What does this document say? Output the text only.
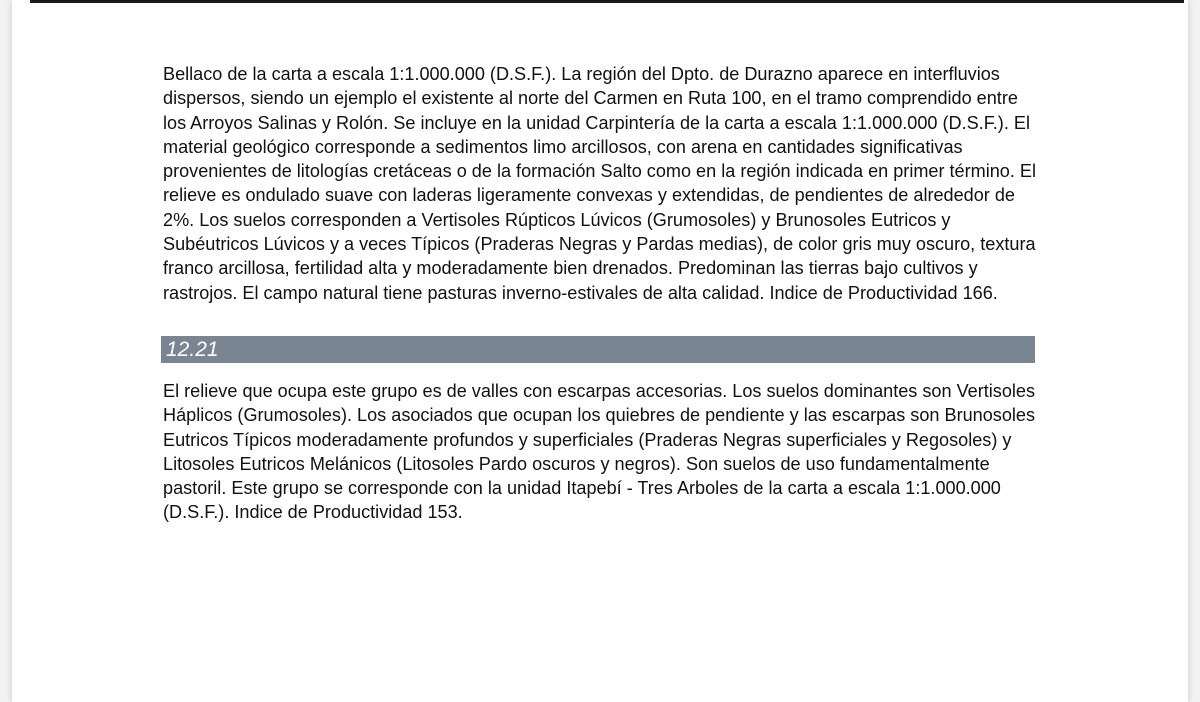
Bellaco de la carta a escala 1:1.000.000 (D.S.F.). La región del Dpto. de Durazno aparece en interfluvios dispersos, siendo un ejemplo el existente al norte del Carmen en Ruta 100, en el tramo comprendido entre los Arroyos Salinas y Rolón. Se incluye en la unidad Carpintería de la carta a escala 1:1.000.000 (D.S.F.). El material geológico corresponde a sedimentos limo arcillosos, con arena en cantidades significativas provenientes de litologías cretáceas o de la formación Salto como en la región indicada en primer término. El relieve es ondulado suave con laderas ligeramente convexas y extendidas, de pendientes de alrededor de 2%. Los suelos corresponden a Vertisoles Rúpticos Lúvicos (Grumosoles) y Brunosoles Eutricos y Subéutricos Lúvicos y a veces Típicos (Praderas Negras y Pardas medias), de color gris muy oscuro, textura franco arcillosa, fertilidad alta y moderadamente bien drenados. Predominan las tierras bajo cultivos y rastrojos. El campo natural tiene pasturas inverno-estivales de alta calidad. Indice de Productividad 166.

12.21

El relieve que ocupa este grupo es de valles con escarpas accesorias. Los suelos dominantes son Vertisoles Háplicos (Grumosoles). Los asociados que ocupan los quiebres de pendiente y las escarpas son Brunosoles Eutricos Típicos moderadamente profundos y superficiales (Praderas Negras superficiales y Regosoles) y Litosoles Eutricos Melánicos (Litosoles Pardo oscuros y negros). Son suelos de uso fundamentalmente pastoril. Este grupo se corresponde con la unidad Itapebí - Tres Arboles de la carta a escala 1:1.000.000 (D.S.F.). Indice de Productividad 153.
